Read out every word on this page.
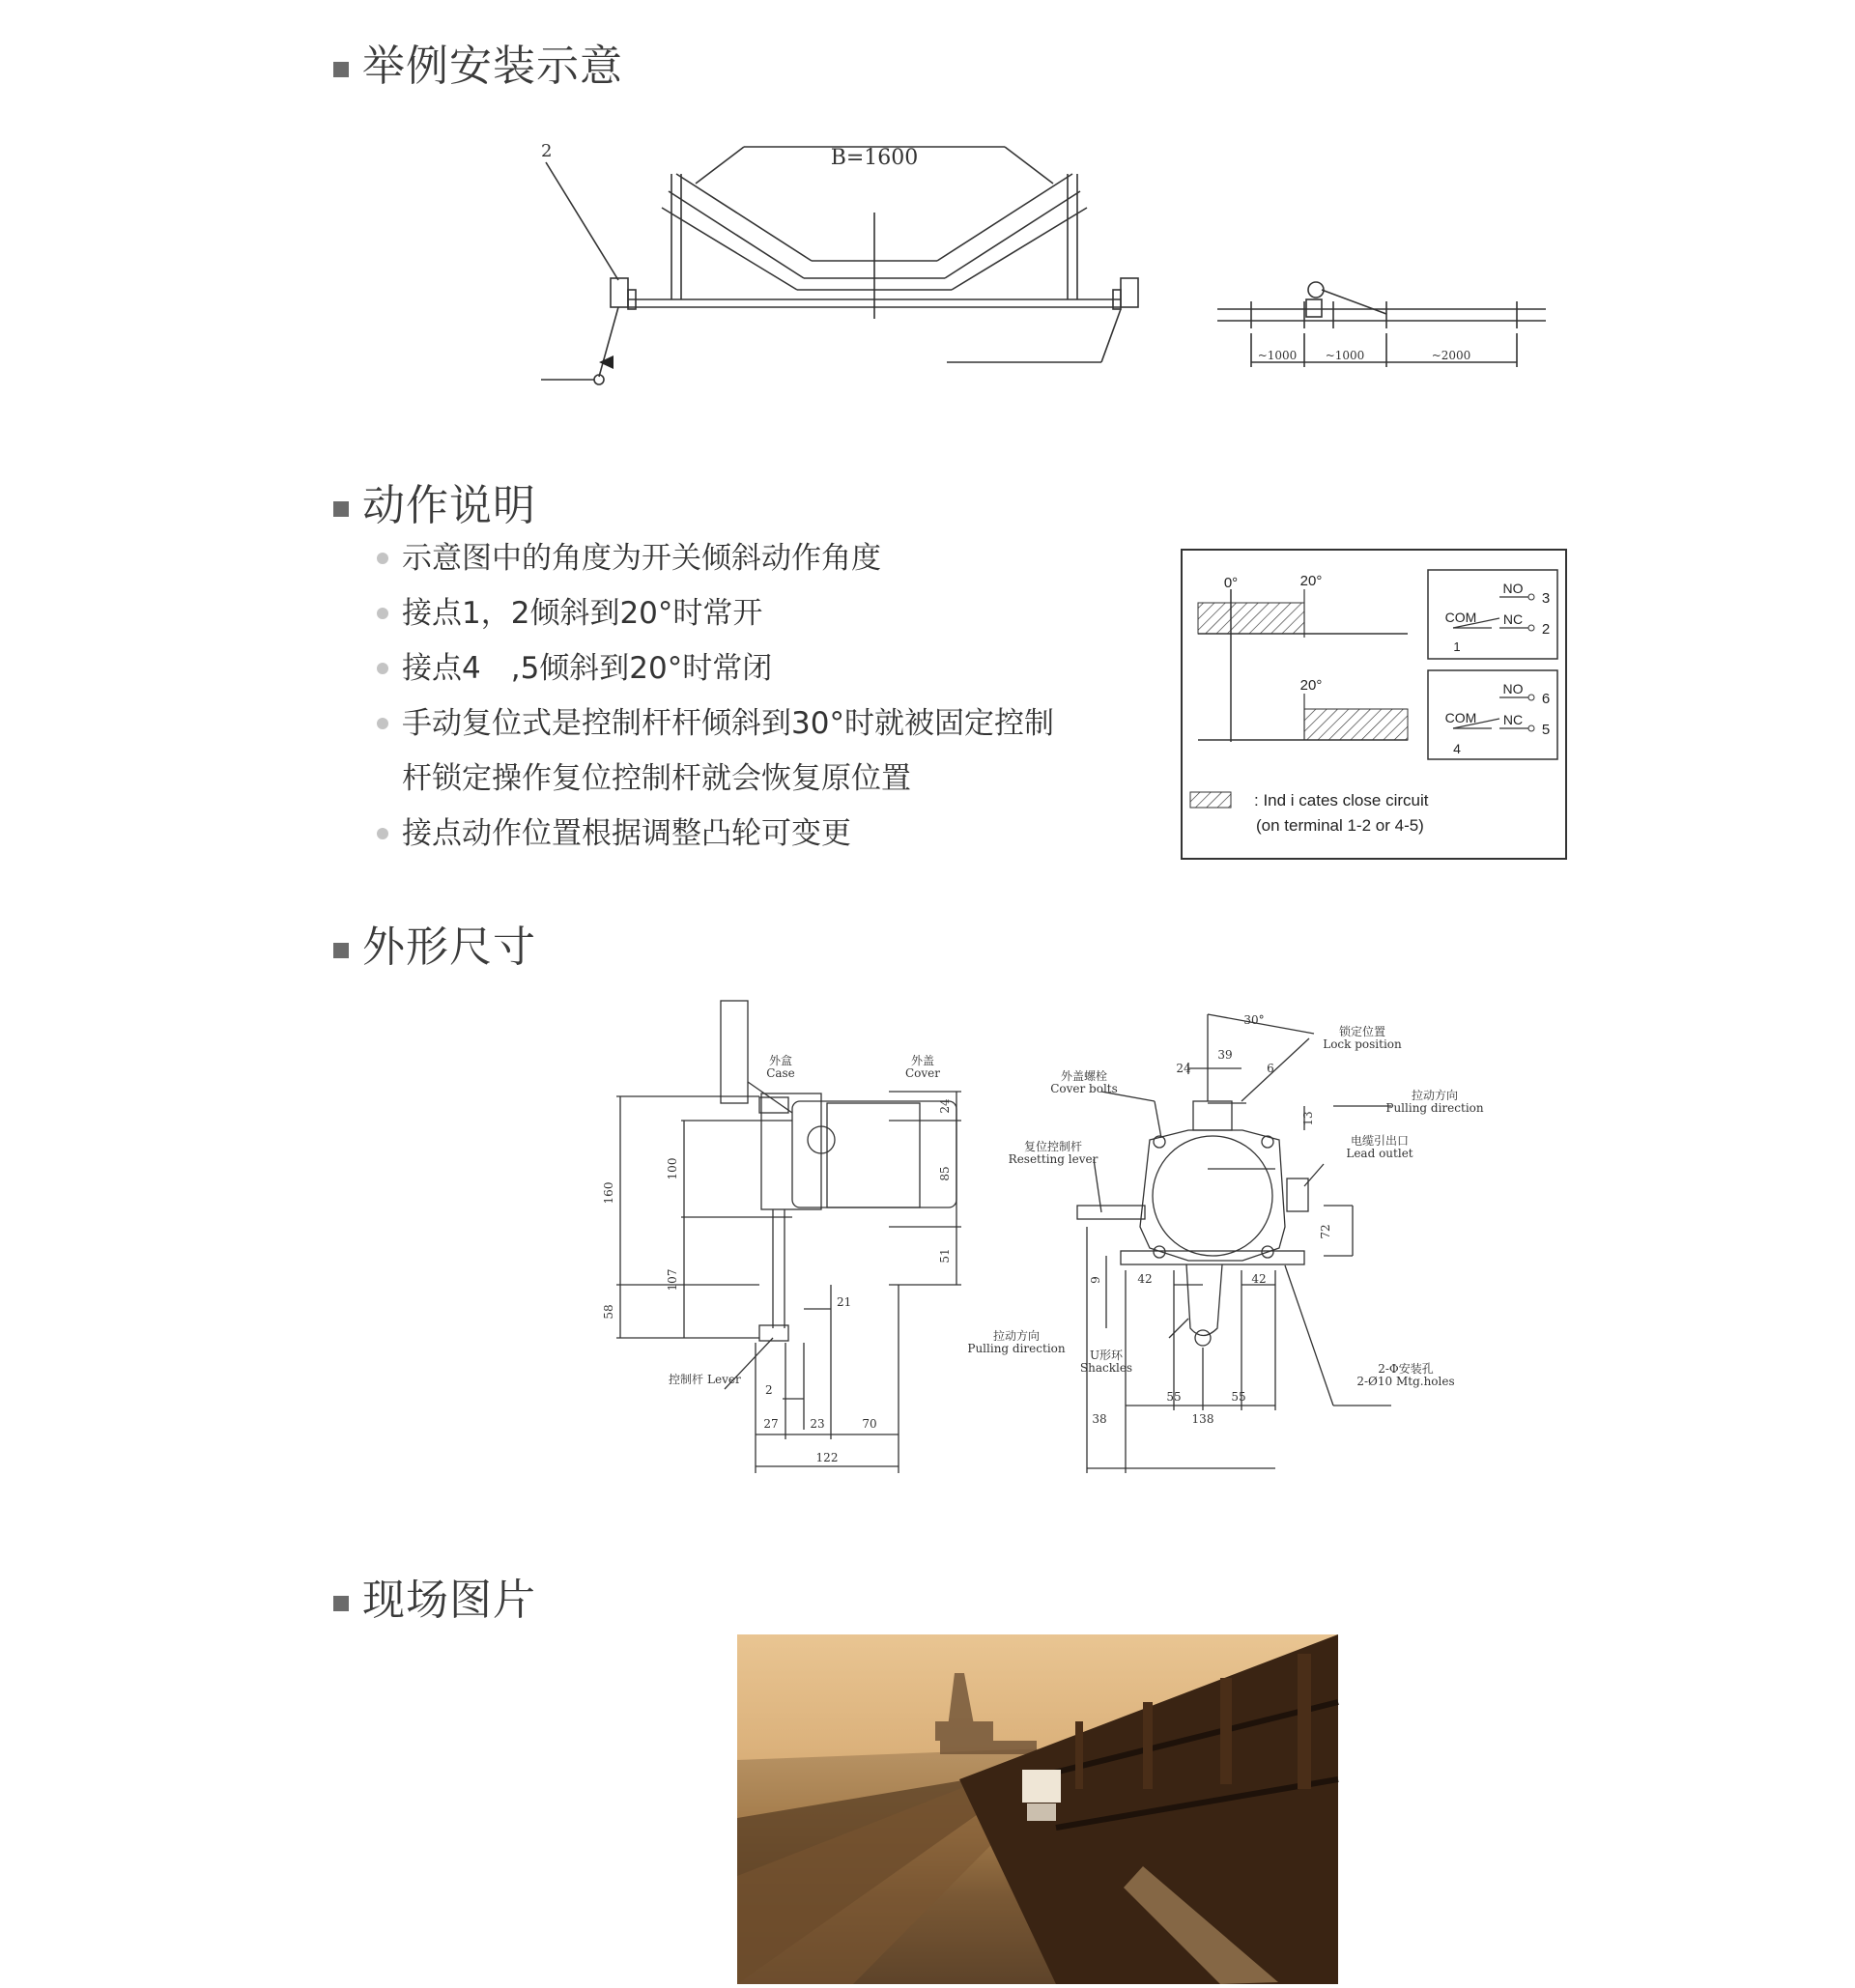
举例安装示意
B=1600
2
~1000 ~1000	~2000
动作说明
示意图中的角度为开关倾斜动作角度
接点1，2倾斜到20°时常开
接点4　,5倾斜到20°时常闭
手动复位式是控制杆杆倾斜到30°时就被固定控制
杆锁定操作复位控制杆就会恢复原位置
接点动作位置根据调整凸轮可变更
0°	20°
20°
NO
NC
COM
1
3
2
NO
NC
COM
4
6
5
: Ind i cates close circuit
(on terminal 1-2 or 4-5)
外形尺寸
外盒
Case
外盖
Cover
控制杆 Lever
160
100
107
58
24
85
51
21
2
27	23	70
122
30°
锁定位置
Lock position
外盖螺栓
Cover bolts	拉动方向
Pulling direction
复位控制杆
Resetting lever
电缆引出口
Lead outlet
拉动方向
Pulling direction U形环
Shackles	2-Φ安装孔
2-Ø10 Mtg.holes
39
24	6
13
72
9	42	42
55	55
38	138
现场图片
